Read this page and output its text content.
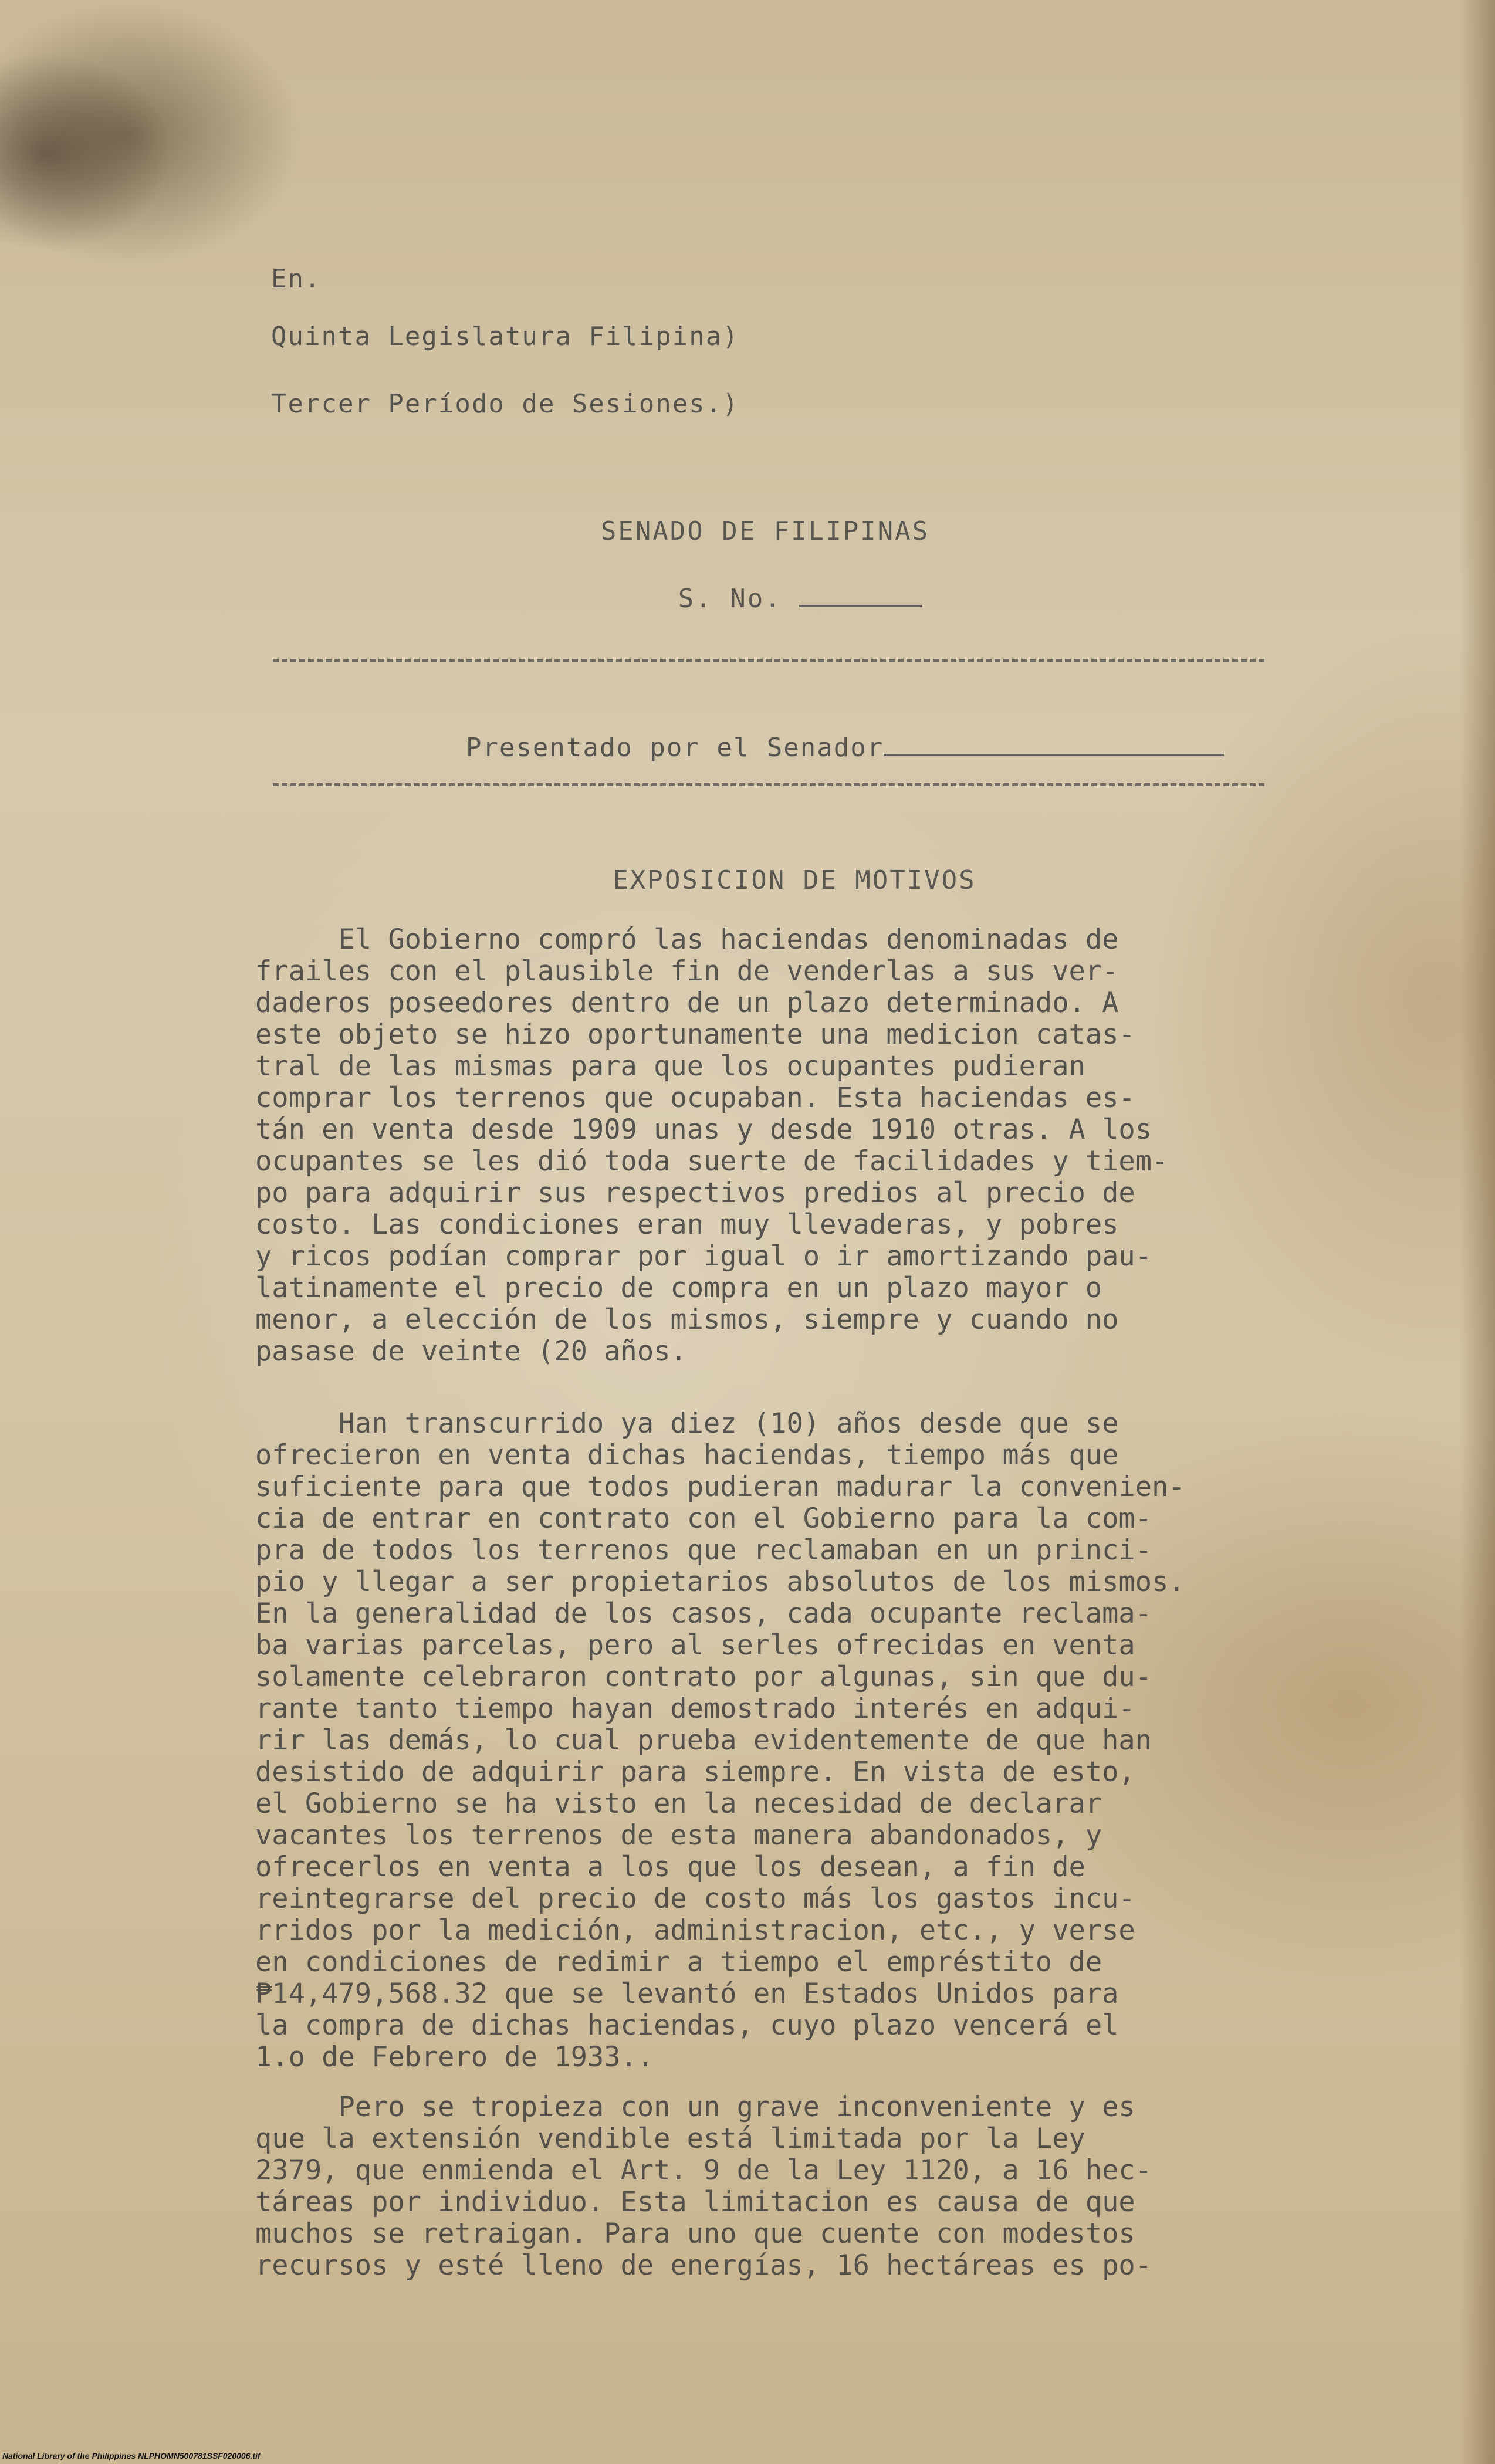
En.
Quinta Legislatura Filipina)
Tercer Período de Sesiones.)
SENADO DE FILIPINAS
S. No.

Presentado por el Senador

EXPOSICION DE MOTIVOS
El Gobierno compró las haciendas denominadas de
frailes con el plausible fin de venderlas a sus ver-
daderos poseedores dentro de un plazo determinado. A
este objeto se hizo oportunamente una medicion catas-
tral de las mismas para que los ocupantes pudieran
comprar los terrenos que ocupaban. Esta haciendas es-
tán en venta desde 1909 unas y desde 1910 otras. A los
ocupantes se les dió toda suerte de facilidades y tiem-
po para adquirir sus respectivos predios al precio de
costo. Las condiciones eran muy llevaderas, y pobres
y ricos podían comprar por igual o ir amortizando pau-
latinamente el precio de compra en un plazo mayor o
menor, a elección de los mismos, siempre y cuando no
pasase de veinte (20 años.
Han transcurrido ya diez (10) años desde que se
ofrecieron en venta dichas haciendas, tiempo más que
suficiente para que todos pudieran madurar la convenien-
cia de entrar en contrato con el Gobierno para la com-
pra de todos los terrenos que reclamaban en un princi-
pio y llegar a ser propietarios absolutos de los mismos.
En la generalidad de los casos, cada ocupante reclama-
ba varias parcelas, pero al serles ofrecidas en venta
solamente celebraron contrato por algunas, sin que du-
rante tanto tiempo hayan demostrado interés en adqui-
rir las demás, lo cual prueba evidentemente de que han
desistido de adquirir para siempre. En vista de esto,
el Gobierno se ha visto en la necesidad de declarar
vacantes los terrenos de esta manera abandonados, y
ofrecerlos en venta a los que los desean, a fin de
reintegrarse del precio de costo más los gastos incu-
rridos por la medición, administracion, etc., y verse
en condiciones de redimir a tiempo el empréstito de
₱14,479,568.32 que se levantó en Estados Unidos para
la compra de dichas haciendas, cuyo plazo vencerá el
1.o de Febrero de 1933..
Pero se tropieza con un grave inconveniente y es
que la extensión vendible está limitada por la Ley
2379, que enmienda el Art. 9 de la Ley 1120, a 16 hec-
táreas por individuo. Esta limitacion es causa de que
muchos se retraigan. Para uno que cuente con modestos
recursos y esté lleno de energías, 16 hectáreas es po-
National Library of the Philippines NLPHOMN500781SSF020006.tif
